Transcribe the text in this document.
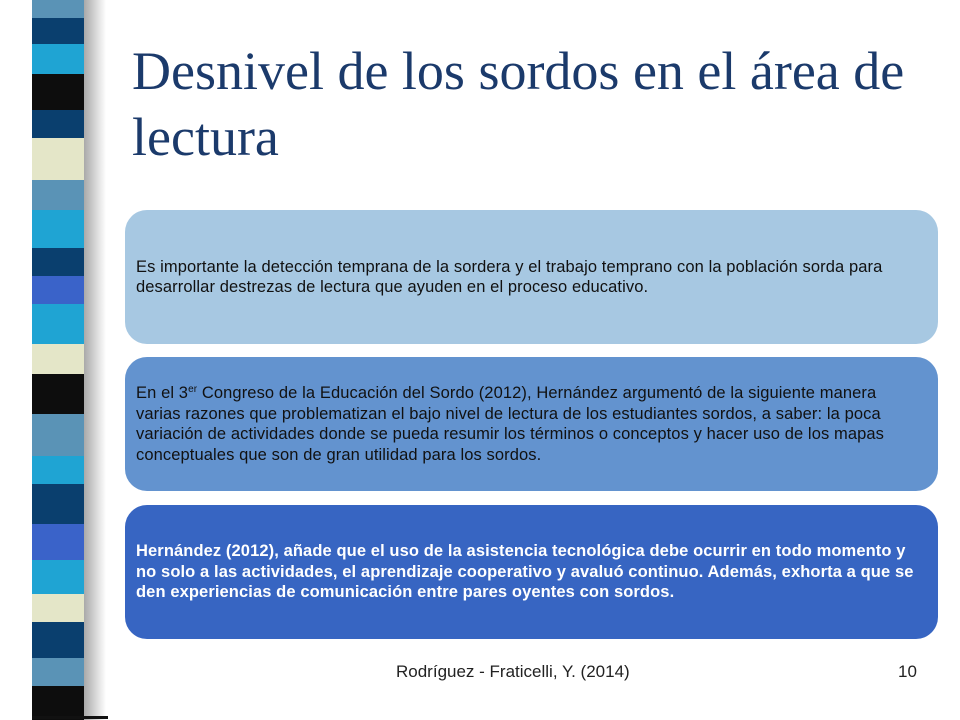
Desnivel de los sordos en el área de lectura

Es importante la detección temprana de la sordera y el trabajo temprano con la población sorda para desarrollar destrezas de lectura que ayuden en el proceso educativo.

En el 3er Congreso de la Educación del Sordo (2012), Hernández argumentó de la siguiente manera varias razones que problematizan el bajo nivel de lectura de los estudiantes sordos, a saber: la poca variación de actividades donde se pueda resumir los términos o conceptos y hacer uso de los mapas conceptuales que son de gran utilidad para los sordos.

Hernández (2012), añade que el uso de la asistencia tecnológica debe ocurrir en todo momento y no solo a las actividades, el aprendizaje cooperativo y avaluó continuo. Además, exhorta a que se den experiencias de comunicación entre pares oyentes con sordos.

Rodríguez - Fraticelli, Y. (2014)	10
